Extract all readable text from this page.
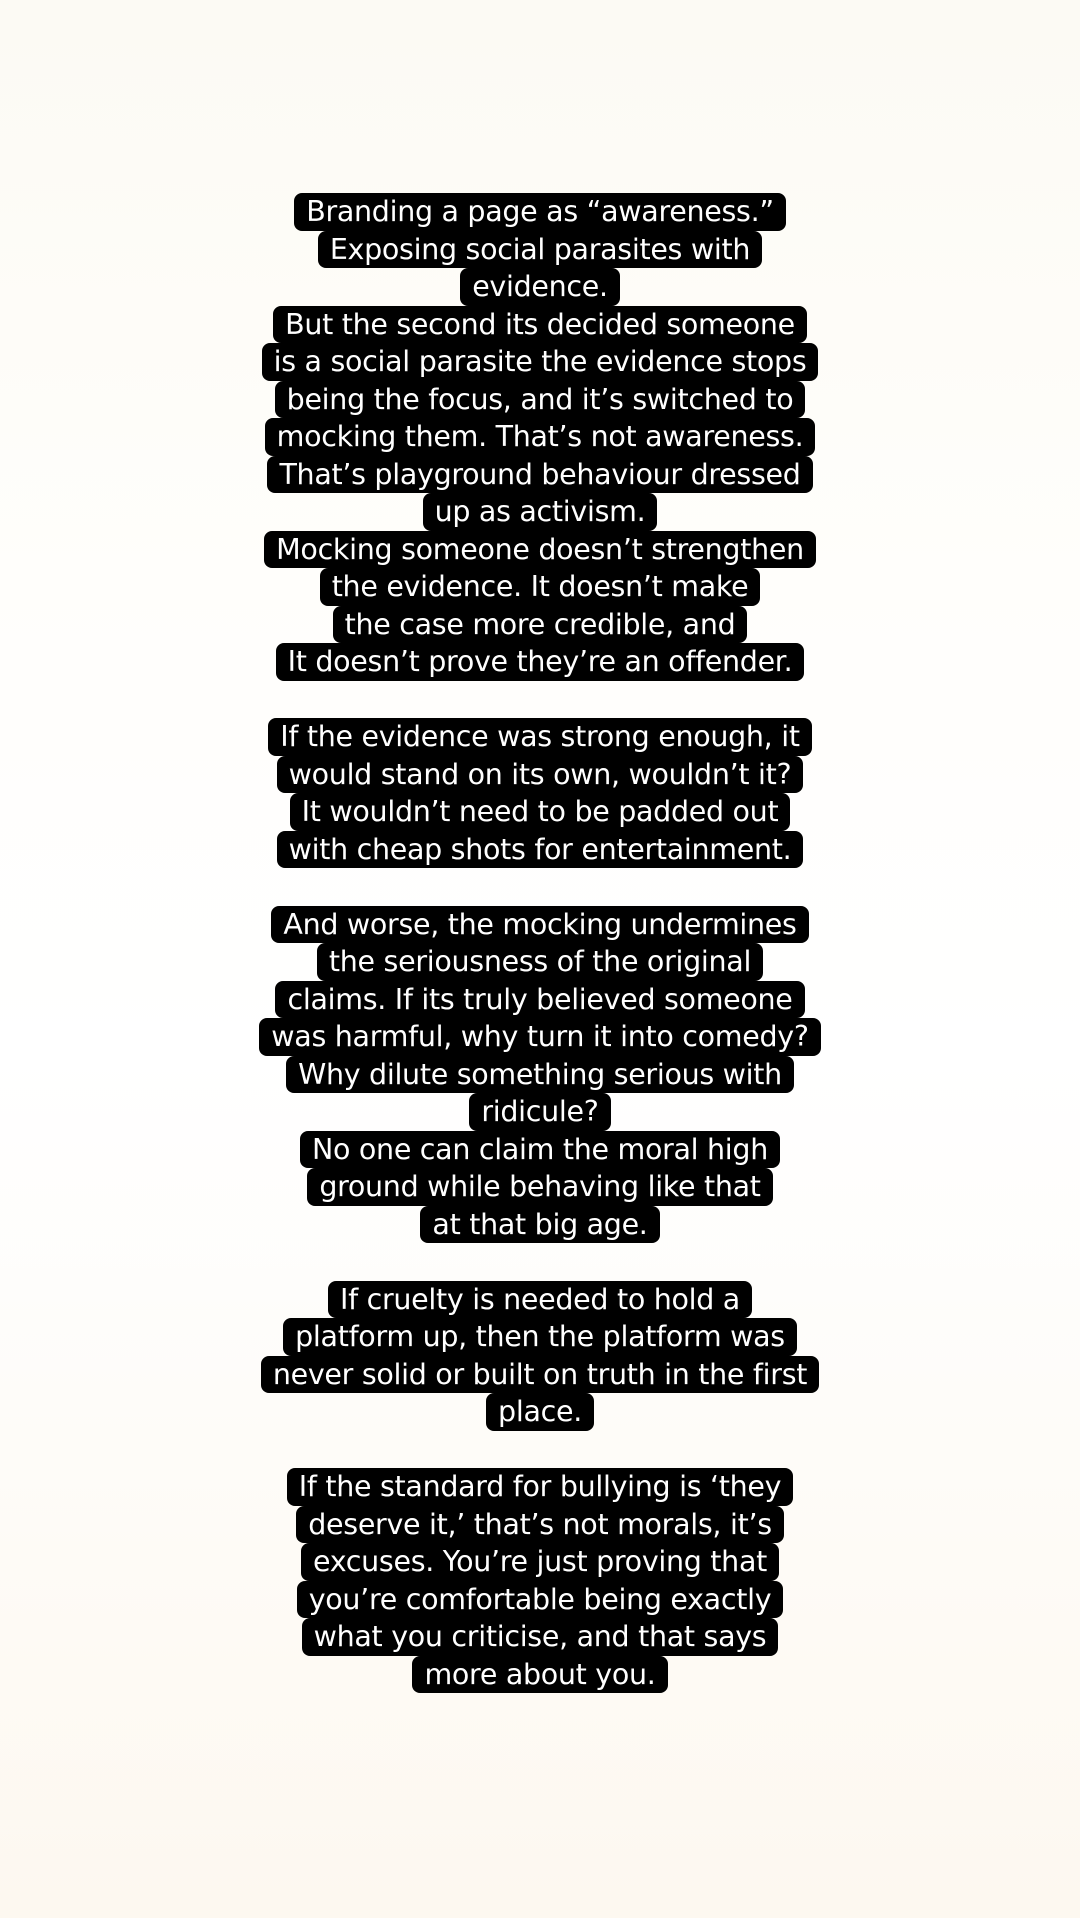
Branding a page as “awareness.”
Exposing social parasites with
evidence.
But the second its decided someone
is a social parasite the evidence stops
being the focus, and it’s switched to
mocking them. That’s not awareness.
That’s playground behaviour dressed
up as activism.
Mocking someone doesn’t strengthen
the evidence. It doesn’t make
the case more credible, and
It doesn’t prove they’re an offender.
If the evidence was strong enough, it
would stand on its own, wouldn’t it?
It wouldn’t need to be padded out
with cheap shots for entertainment.
And worse, the mocking undermines
the seriousness of the original
claims. If its truly believed someone
was harmful, why turn it into comedy?
Why dilute something serious with
ridicule?
No one can claim the moral high
ground while behaving like that
at that big age.
If cruelty is needed to hold a
platform up, then the platform was
never solid or built on truth in the first
place.
If the standard for bullying is ‘they
deserve it,’ that’s not morals, it’s
excuses. You’re just proving that
you’re comfortable being exactly
what you criticise, and that says
more about you.
